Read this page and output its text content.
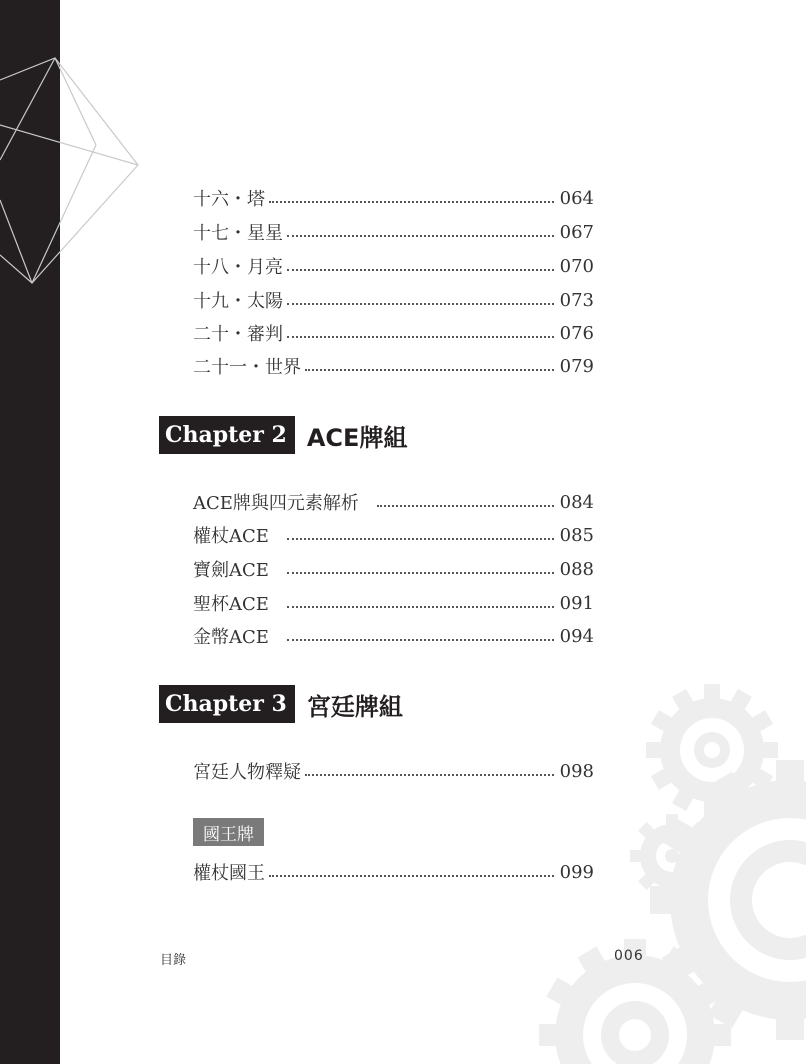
十六・塔	064
十七・星星	067
十八・月亮	070
十九・太陽	073
二十・審判	076
二十一・世界	079
Chapter 2 ACE牌組
ACE牌與四元素解析	084
權杖ACE	085
寶劍ACE	088
聖杯ACE	091
金幣ACE	094
Chapter 3 宮廷牌組
宮廷人物釋疑	098
國王牌
權杖國王	099
目錄	006
